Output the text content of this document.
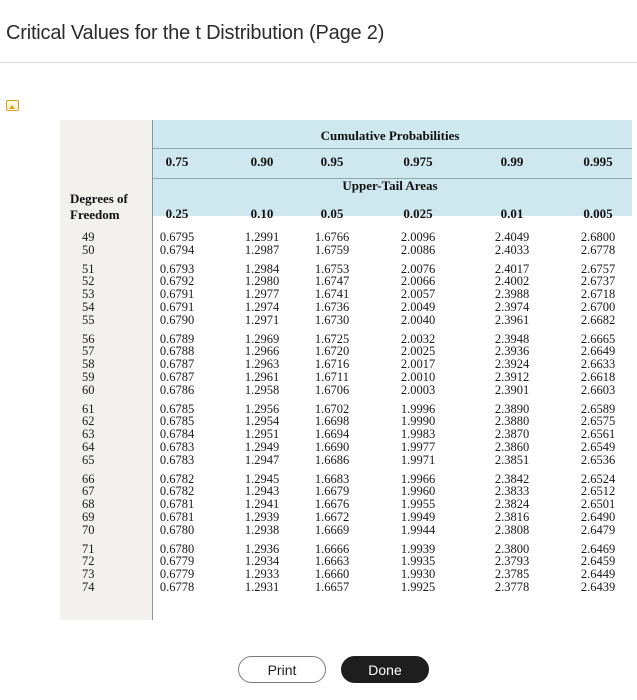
Critical Values for the t Distribution (Page 2)
Cumulative Probabilities
Upper-Tail Areas
Degrees of
Freedom
0.75	0.90	0.95	0.975	0.99	0.995
0.25	0.10	0.05	0.025	0.01	0.005
49	0.6795	1.2991	1.6766	2.0096	2.4049	2.6800
50	0.6794	1.2987	1.6759	2.0086	2.4033	2.6778
51	0.6793	1.2984	1.6753	2.0076	2.4017	2.6757
52	0.6792	1.2980	1.6747	2.0066	2.4002	2.6737
53	0.6791	1.2977	1.6741	2.0057	2.3988	2.6718
54	0.6791	1.2974	1.6736	2.0049	2.3974	2.6700
55	0.6790	1.2971	1.6730	2.0040	2.3961	2.6682
56	0.6789	1.2969	1.6725	2.0032	2.3948	2.6665
57	0.6788	1.2966	1.6720	2.0025	2.3936	2.6649
58	0.6787	1.2963	1.6716	2.0017	2.3924	2.6633
59	0.6787	1.2961	1.6711	2.0010	2.3912	2.6618
60	0.6786	1.2958	1.6706	2.0003	2.3901	2.6603
61	0.6785	1.2956	1.6702	1.9996	2.3890	2.6589
62	0.6785	1.2954	1.6698	1.9990	2.3880	2.6575
63	0.6784	1.2951	1.6694	1.9983	2.3870	2.6561
64	0.6783	1.2949	1.6690	1.9977	2.3860	2.6549
65	0.6783	1.2947	1.6686	1.9971	2.3851	2.6536
66	0.6782	1.2945	1.6683	1.9966	2.3842	2.6524
67	0.6782	1.2943	1.6679	1.9960	2.3833	2.6512
68	0.6781	1.2941	1.6676	1.9955	2.3824	2.6501
69	0.6781	1.2939	1.6672	1.9949	2.3816	2.6490
70	0.6780	1.2938	1.6669	1.9944	2.3808	2.6479
71	0.6780	1.2936	1.6666	1.9939	2.3800	2.6469
72	0.6779	1.2934	1.6663	1.9935	2.3793	2.6459
73	0.6779	1.2933	1.6660	1.9930	2.3785	2.6449
74	0.6778	1.2931	1.6657	1.9925	2.3778	2.6439
Print	Done
